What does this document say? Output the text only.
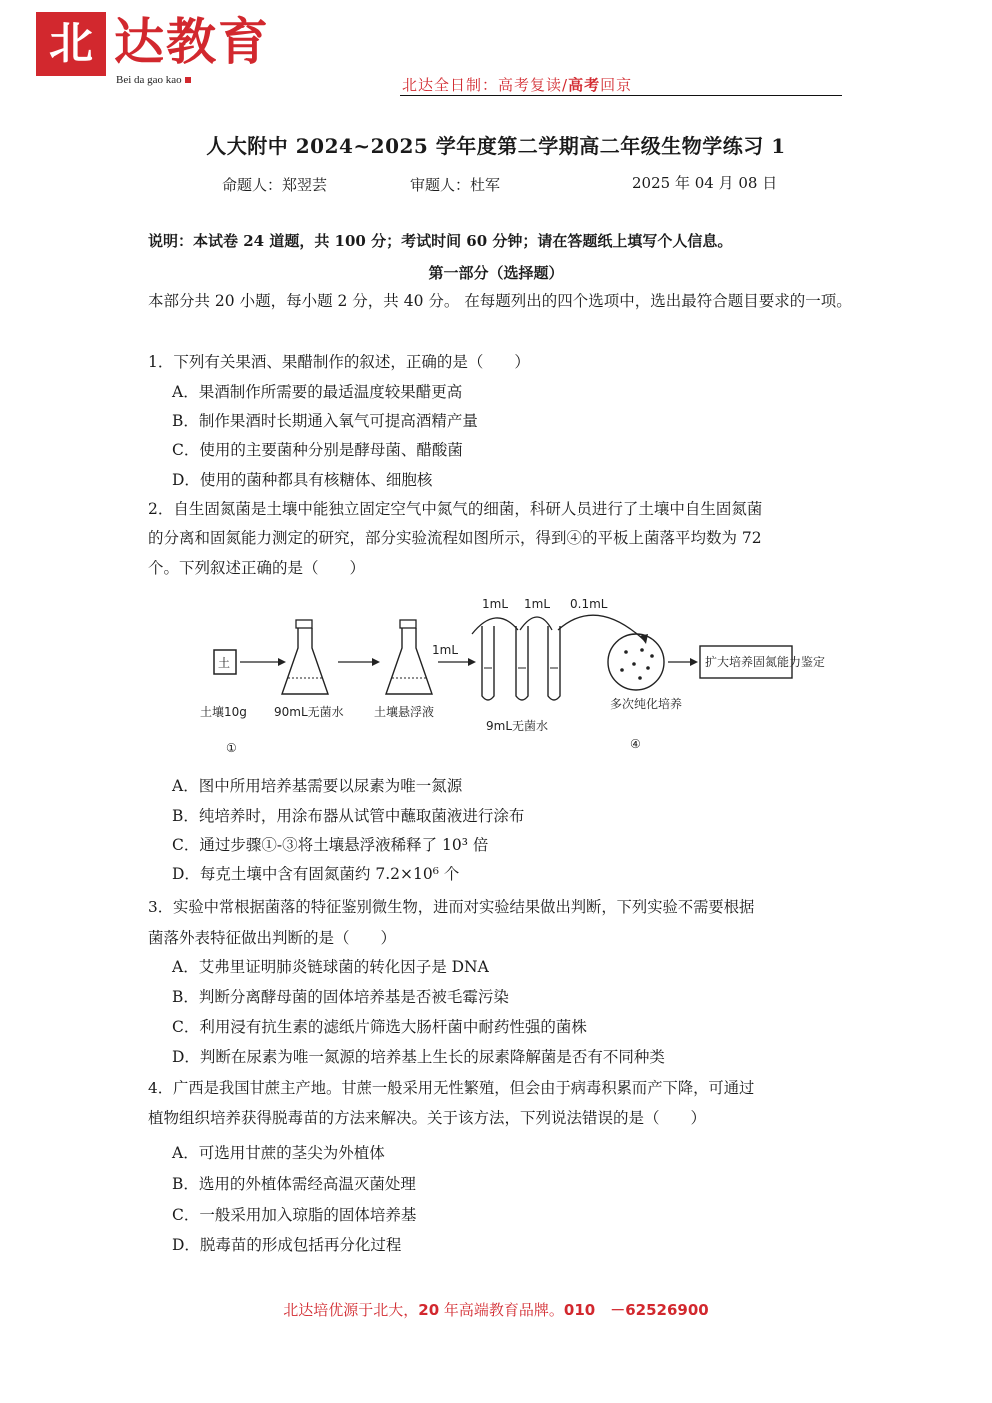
北 达教育
Bei da gao kao	北达全日制：高考复读/高考回京
人大附中 2024~2025 学年度第二学期高二年级生物学练习 1
命题人：郑翌芸	审题人：杜军	2025 年 04 月 08 日
说明：本试卷 24 道题，共 100 分；考试时间 60 分钟；请在答题纸上填写个人信息。
第一部分（选择题）
本部分共 20 小题，每小题 2 分，共 40 分。 在每题列出的四个选项中，选出最符合题目要求的一项。
1．下列有关果酒、果醋制作的叙述，正确的是（　　）
A．果酒制作所需要的最适温度较果醋更高
B．制作果酒时长期通入氧气可提高酒精产量
C．使用的主要菌种分别是酵母菌、醋酸菌
D．使用的菌种都具有核糖体、细胞核
2．自生固氮菌是土壤中能独立固定空气中氮气的细菌，科研人员进行了土壤中自生固氮菌
的分离和固氮能力测定的研究，部分实验流程如图所示，得到④的平板上菌落平均数为 72
个。下列叙述正确的是（　　）
土
1mL
1mL 1mL 0.1mL
扩大培养固氮能力鉴定
土壤10g 90mL无菌水	土壤悬浮液
9mL无菌水
多次纯化培养
①	④
A．图中所用培养基需要以尿素为唯一氮源
B．纯培养时，用涂布器从试管中蘸取菌液进行涂布
C．通过步骤①-③将土壤悬浮液稀释了 10³ 倍
D．每克土壤中含有固氮菌约 7.2×10⁶ 个
3．实验中常根据菌落的特征鉴别微生物，进而对实验结果做出判断，下列实验不需要根据
菌落外表特征做出判断的是（　　）
A．艾弗里证明肺炎链球菌的转化因子是 DNA
B．判断分离酵母菌的固体培养基是否被毛霉污染
C．利用浸有抗生素的滤纸片筛选大肠杆菌中耐药性强的菌株
D．判断在尿素为唯一氮源的培养基上生长的尿素降解菌是否有不同种类
4．广西是我国甘蔗主产地。甘蔗一般采用无性繁殖，但会由于病毒积累而产下降，可通过
植物组织培养获得脱毒苗的方法来解决。关于该方法，下列说法错误的是（　　）
A．可选用甘蔗的茎尖为外植体
B．选用的外植体需经高温灭菌处理
C．一般采用加入琼脂的固体培养基
D．脱毒苗的形成包括再分化过程
北达培优源于北大，20 年高端教育品牌。010　－62526900
